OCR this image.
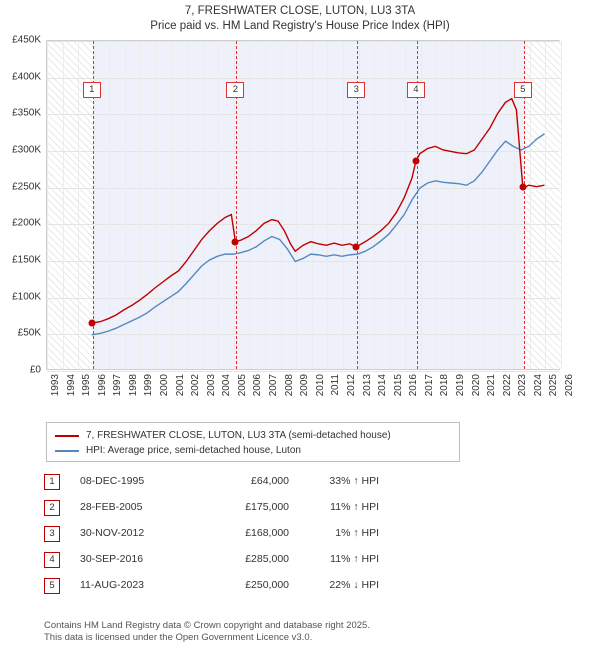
7, FRESHWATER CLOSE, LUTON, LU3 3TA
Price paid vs. HM Land Registry's House Price Index (HPI)
£0
£50K
£100K
£150K
£200K
£250K
£300K
£350K
£400K
£450K
1993 1994 1995 1996 1997 1998 1999 2000 2001 2002 2003 2004 2005 2006 2007 2008 2009 2010 2011 2012 2013 2014 2015 2016 2017 2018 2019 2020 2021 2022 2023 2024 2025 2026
1	2	3	4	5
7, FRESHWATER CLOSE, LUTON, LU3 3TA (semi-detached house)
HPI: Average price, semi-detached house, Luton
1	08-DEC-1995	£64,000	33% ↑ HPI
2	28-FEB-2005	£175,000	11% ↑ HPI
3	30-NOV-2012	£168,000	1% ↑ HPI
4	30-SEP-2016	£285,000	11% ↑ HPI
5	11-AUG-2023	£250,000	22% ↓ HPI
Contains HM Land Registry data © Crown copyright and database right 2025.
This data is licensed under the Open Government Licence v3.0.
